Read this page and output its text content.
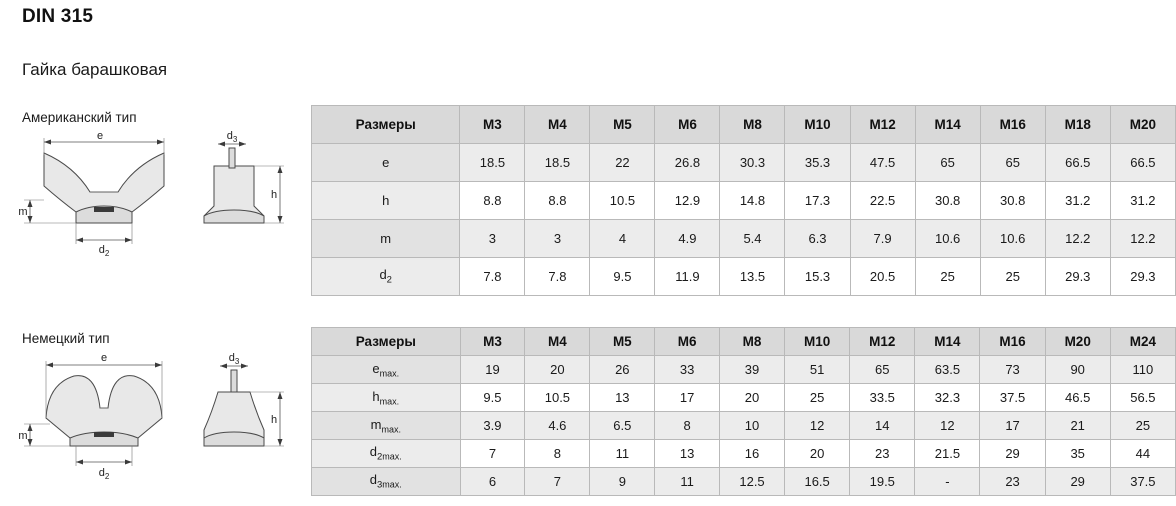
DIN 315
Гайка барашковая
Американский тип
Немецкий тип
e
m
$d_2$
$d_3$
h
e
m
$d_2$
$d_3$
h
Размеры	M3	M4	M5	M6	M8	M10	M12	M14	M16	M18	M20
e	18.5	18.5	22	26.8	30.3	35.3	47.5	65	65	66.5	66.5
h	8.8	8.8	10.5	12.9	14.8	17.3	22.5	30.8	30.8	31.2	31.2
m	3	3	4	4.9	5.4	6.3	7.9	10.6	10.6	12.2	12.2
$d_2$	7.8	7.8	9.5	11.9	13.5	15.3	20.5	25	25	29.3	29.3
Размеры	M3	M4	M5	M6	M8	M10	M12	M14	M16	M20	M24
$e_{max.}$	19	20	26	33	39	51	65	63.5	73	90	110
$h_{max.}$	9.5	10.5	13	17	20	25	33.5	32.3	37.5	46.5	56.5
$m_{max.}$	3.9	4.6	6.5	8	10	12	14	12	17	21	25
$d_{2max.}$	7	8	11	13	16	20	23	21.5	29	35	44
$d_{3max.}$	6	7	9	11	12.5	16.5	19.5	-	23	29	37.5
